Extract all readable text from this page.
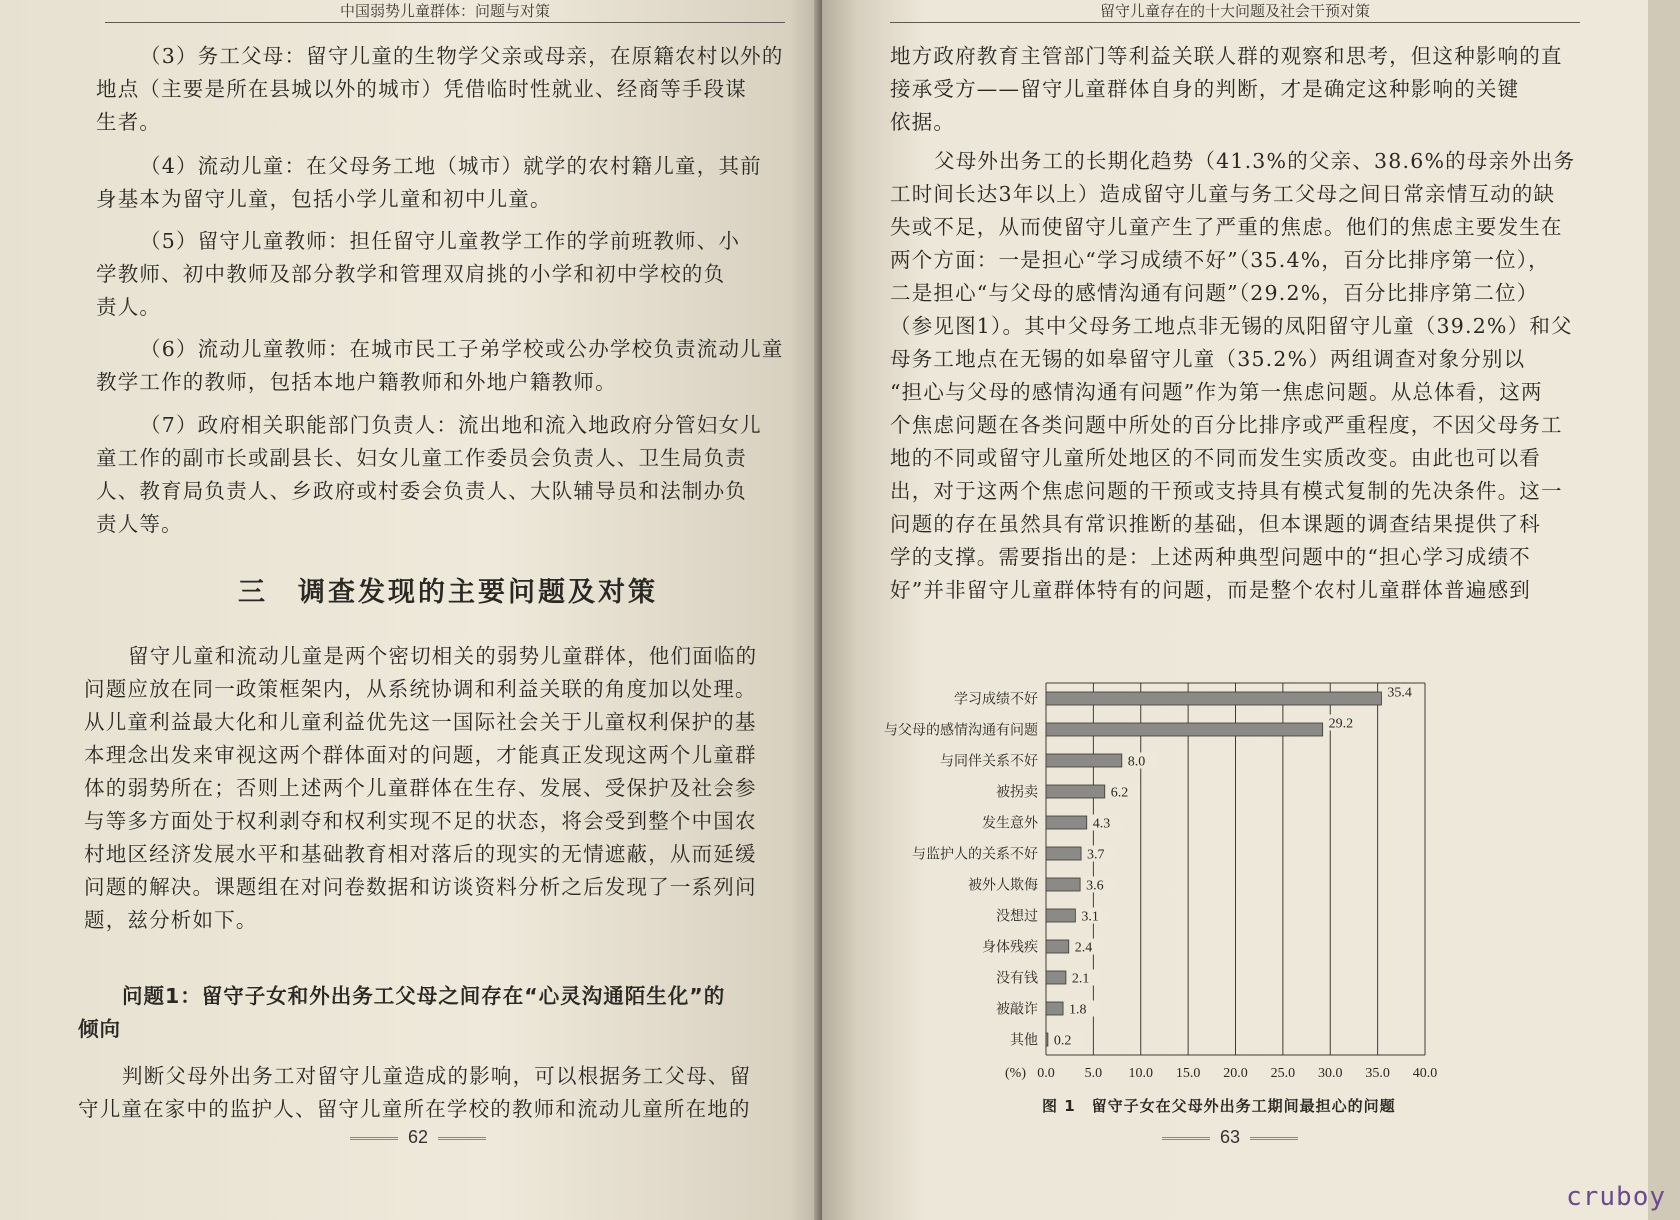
中国弱势儿童群体：问题与对策
（3）务工父母：留守儿童的生物学父亲或母亲，在原籍农村以外的
地点（主要是所在县城以外的城市）凭借临时性就业、经商等手段谋
生者。
（4）流动儿童：在父母务工地（城市）就学的农村籍儿童，其前
身基本为留守儿童，包括小学儿童和初中儿童。
（5）留守儿童教师：担任留守儿童教学工作的学前班教师、小
学教师、初中教师及部分教学和管理双肩挑的小学和初中学校的负
责人。
（6）流动儿童教师：在城市民工子弟学校或公办学校负责流动儿童
教学工作的教师，包括本地户籍教师和外地户籍教师。
（7）政府相关职能部门负责人：流出地和流入地政府分管妇女儿
童工作的副市长或副县长、妇女儿童工作委员会负责人、卫生局负责
人、教育局负责人、乡政府或村委会负责人、大队辅导员和法制办负
责人等。
三　调查发现的主要问题及对策
留守儿童和流动儿童是两个密切相关的弱势儿童群体，他们面临的
问题应放在同一政策框架内，从系统协调和利益关联的角度加以处理。
从儿童利益最大化和儿童利益优先这一国际社会关于儿童权利保护的基
本理念出发来审视这两个群体面对的问题，才能真正发现这两个儿童群
体的弱势所在；否则上述两个儿童群体在生存、发展、受保护及社会参
与等多方面处于权利剥夺和权利实现不足的状态，将会受到整个中国农
村地区经济发展水平和基础教育相对落后的现实的无情遮蔽，从而延缓
问题的解决。课题组在对问卷数据和访谈资料分析之后发现了一系列问
题，兹分析如下。
问题1：留守子女和外出务工父母之间存在“心灵沟通陌生化”的
倾向
判断父母外出务工对留守儿童造成的影响，可以根据务工父母、留
守儿童在家中的监护人、留守儿童所在学校的教师和流动儿童所在地的
62
留守儿童存在的十大问题及社会干预对策
地方政府教育主管部门等利益关联人群的观察和思考，但这种影响的直
接承受方——留守儿童群体自身的判断，才是确定这种影响的关键
依据。
父母外出务工的长期化趋势（41.3%的父亲、38.6%的母亲外出务
工时间长达3年以上）造成留守儿童与务工父母之间日常亲情互动的缺
失或不足，从而使留守儿童产生了严重的焦虑。他们的焦虑主要发生在
两个方面：一是担心“学习成绩不好”（35.4%，百分比排序第一位），
二是担心“与父母的感情沟通有问题”（29.2%，百分比排序第二位）
（参见图1）。其中父母务工地点非无锡的凤阳留守儿童（39.2%）和父
母务工地点在无锡的如皋留守儿童（35.2%）两组调查对象分别以
“担心与父母的感情沟通有问题”作为第一焦虑问题。从总体看，这两
个焦虑问题在各类问题中所处的百分比排序或严重程度，不因父母务工
地的不同或留守儿童所处地区的不同而发生实质改变。由此也可以看
出，对于这两个焦虑问题的干预或支持具有模式复制的先决条件。这一
问题的存在虽然具有常识推断的基础，但本课题的调查结果提供了科
学的支撑。需要指出的是：上述两种典型问题中的“担心学习成绩不
好”并非留守儿童群体特有的问题，而是整个农村儿童群体普遍感到
0.0 5.0 10.0 15.0 20.0 25.0 30.0 35.0 40.0
(%)
学习成绩不好	35.4
与父母的感情沟通有问题	29.2
与同伴关系不好	8.0
被拐卖	6.2
发生意外	4.3
与监护人的关系不好	3.7
被外人欺侮	3.6
没想过	3.1
身体残疾	2.4
没有钱 2.1
被敲诈 1.8
其他 0.2
图 1　留守子女在父母外出务工期间最担心的问题
63
cruboy
